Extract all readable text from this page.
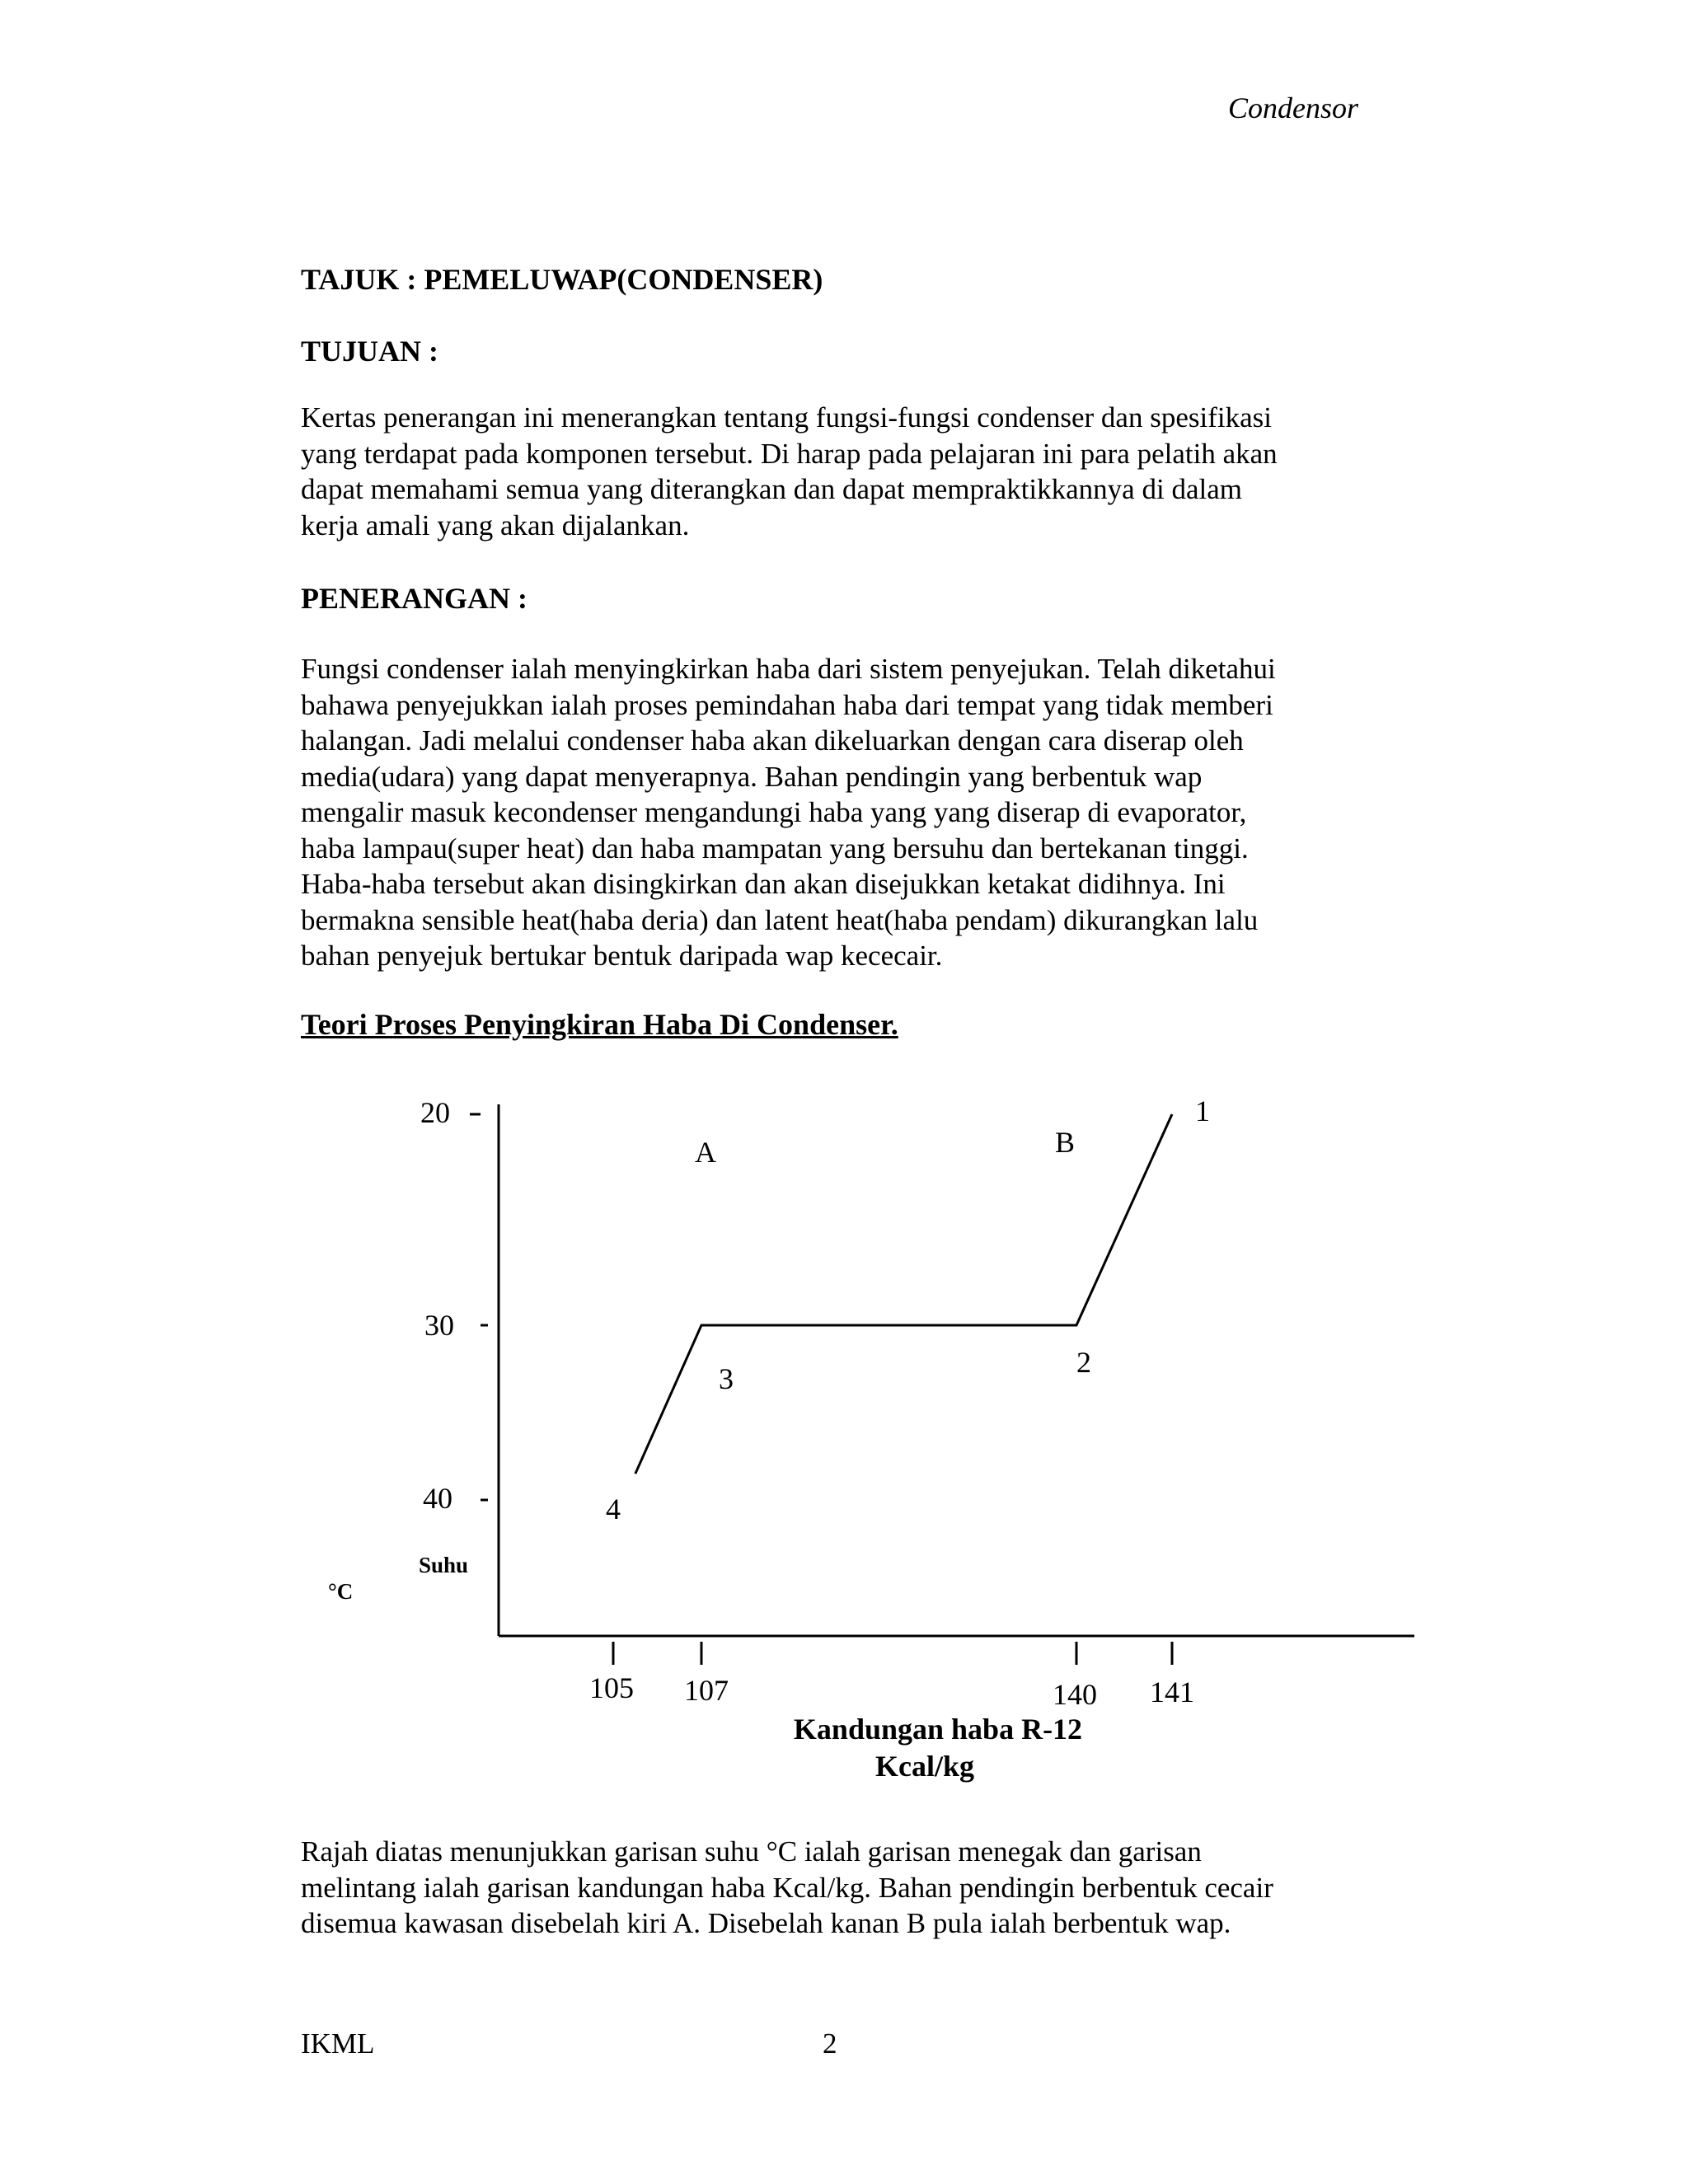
Condensor
TAJUK : PEMELUWAP(CONDENSER)
TUJUAN :
Kertas penerangan ini menerangkan tentang fungsi-fungsi condenser dan spesifikasi
yang terdapat pada komponen tersebut. Di harap pada pelajaran ini para pelatih akan
dapat memahami semua yang diterangkan dan dapat mempraktikkannya di dalam
kerja amali yang akan dijalankan.
PENERANGAN :
Fungsi condenser ialah menyingkirkan haba dari sistem penyejukan. Telah diketahui
bahawa penyejukkan ialah proses pemindahan haba dari tempat yang tidak memberi
halangan. Jadi melalui condenser haba akan dikeluarkan dengan cara diserap oleh
media(udara) yang dapat menyerapnya. Bahan pendingin yang berbentuk wap
mengalir masuk kecondenser mengandungi haba yang yang diserap di evaporator,
haba lampau(super heat) dan haba mampatan yang bersuhu dan bertekanan tinggi.
Haba-haba tersebut akan disingkirkan dan akan disejukkan ketakat didihnya. Ini
bermakna sensible heat(haba deria) dan latent heat(haba pendam) dikurangkan lalu
bahan penyejuk bertukar bentuk daripada wap kececair.
Teori Proses Penyingkiran Haba Di Condenser.
20
30
40
105 107	140 141
1
2
3
4
A	B
Suhu
°C
Kandungan haba R-12
Kcal/kg
Rajah diatas menunjukkan garisan suhu °C ialah garisan menegak dan garisan
melintang ialah garisan kandungan haba Kcal/kg. Bahan pendingin berbentuk cecair
disemua kawasan disebelah kiri A. Disebelah kanan B pula ialah berbentuk wap.
IKML	2
